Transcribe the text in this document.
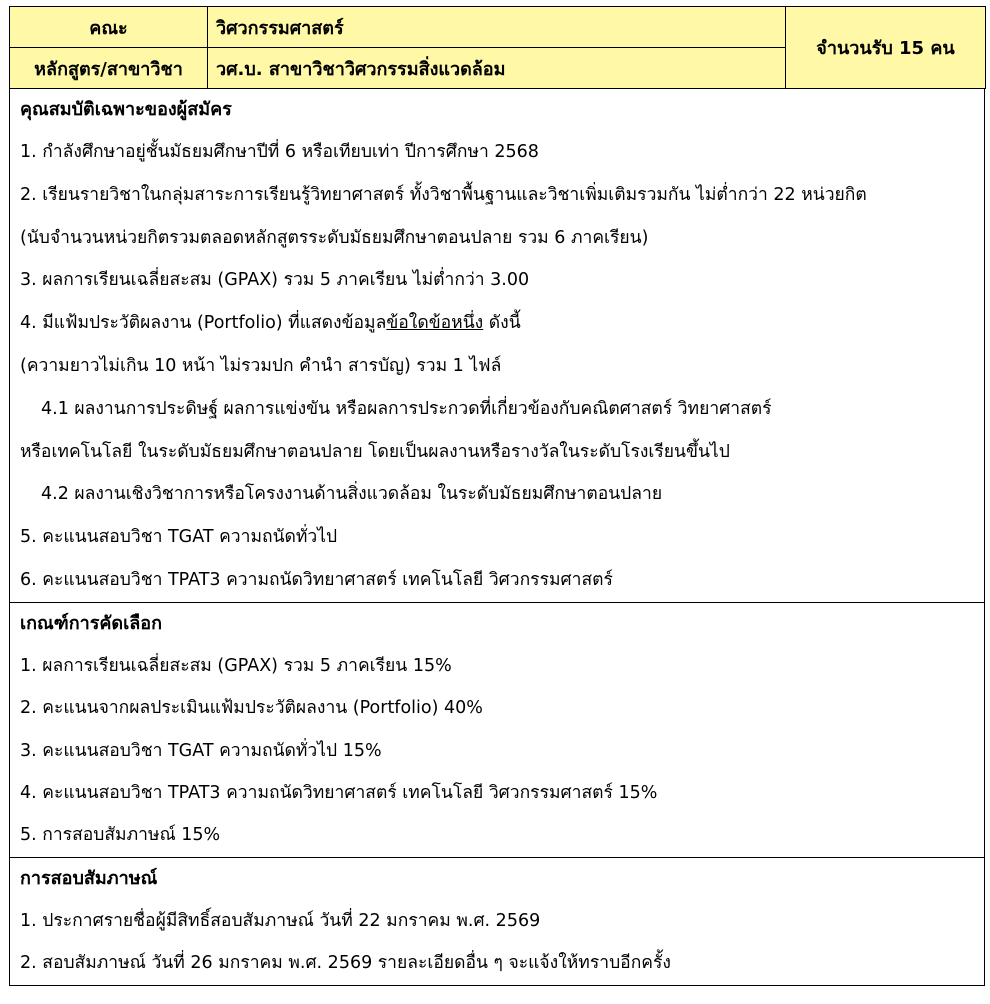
คณะ	วิศวกรรมศาสตร์	จำนวนรับ 15 คน
หลักสูตร/สาขาวิชา	วศ.บ. สาขาวิชาวิศวกรรมสิ่งแวดล้อม	
คุณสมบัติเฉพาะของผู้สมัคร
1. กำลังศึกษาอยู่ชั้นมัธยมศึกษาปีที่ 6 หรือเทียบเท่า ปีการศึกษา 2568
2. เรียนรายวิชาในกลุ่มสาระการเรียนรู้วิทยาศาสตร์ ทั้งวิชาพื้นฐานและวิชาเพิ่มเติมรวมกัน ไม่ต่ำกว่า 22 หน่วยกิต
(นับจำนวนหน่วยกิตรวมตลอดหลักสูตรระดับมัธยมศึกษาตอนปลาย รวม 6 ภาคเรียน)
3. ผลการเรียนเฉลี่ยสะสม (GPAX) รวม 5 ภาคเรียน ไม่ต่ำกว่า 3.00
4. มีแฟ้มประวัติผลงาน (Portfolio) ที่แสดงข้อมูลข้อใดข้อหนึ่ง ดังนี้
(ความยาวไม่เกิน 10 หน้า ไม่รวมปก คำนำ สารบัญ) รวม 1 ไฟล์
4.1 ผลงานการประดิษฐ์ ผลการแข่งขัน หรือผลการประกวดที่เกี่ยวข้องกับคณิตศาสตร์ วิทยาศาสตร์
หรือเทคโนโลยี ในระดับมัธยมศึกษาตอนปลาย โดยเป็นผลงานหรือรางวัลในระดับโรงเรียนขึ้นไป
4.2 ผลงานเชิงวิชาการหรือโครงงานด้านสิ่งแวดล้อม ในระดับมัธยมศึกษาตอนปลาย
5. คะแนนสอบวิชา TGAT ความถนัดทั่วไป
6. คะแนนสอบวิชา TPAT3 ความถนัดวิทยาศาสตร์ เทคโนโลยี วิศวกรรมศาสตร์
เกณฑ์การคัดเลือก
1. ผลการเรียนเฉลี่ยสะสม (GPAX) รวม 5 ภาคเรียน 15%
2. คะแนนจากผลประเมินแฟ้มประวัติผลงาน (Portfolio) 40%
3. คะแนนสอบวิชา TGAT ความถนัดทั่วไป 15%
4. คะแนนสอบวิชา TPAT3 ความถนัดวิทยาศาสตร์ เทคโนโลยี วิศวกรรมศาสตร์ 15%
5. การสอบสัมภาษณ์ 15%
การสอบสัมภาษณ์
1. ประกาศรายชื่อผู้มีสิทธิ์สอบสัมภาษณ์ วันที่ 22 มกราคม พ.ศ. 2569
2. สอบสัมภาษณ์ วันที่ 26 มกราคม พ.ศ. 2569 รายละเอียดอื่น ๆ จะแจ้งให้ทราบอีกครั้ง
